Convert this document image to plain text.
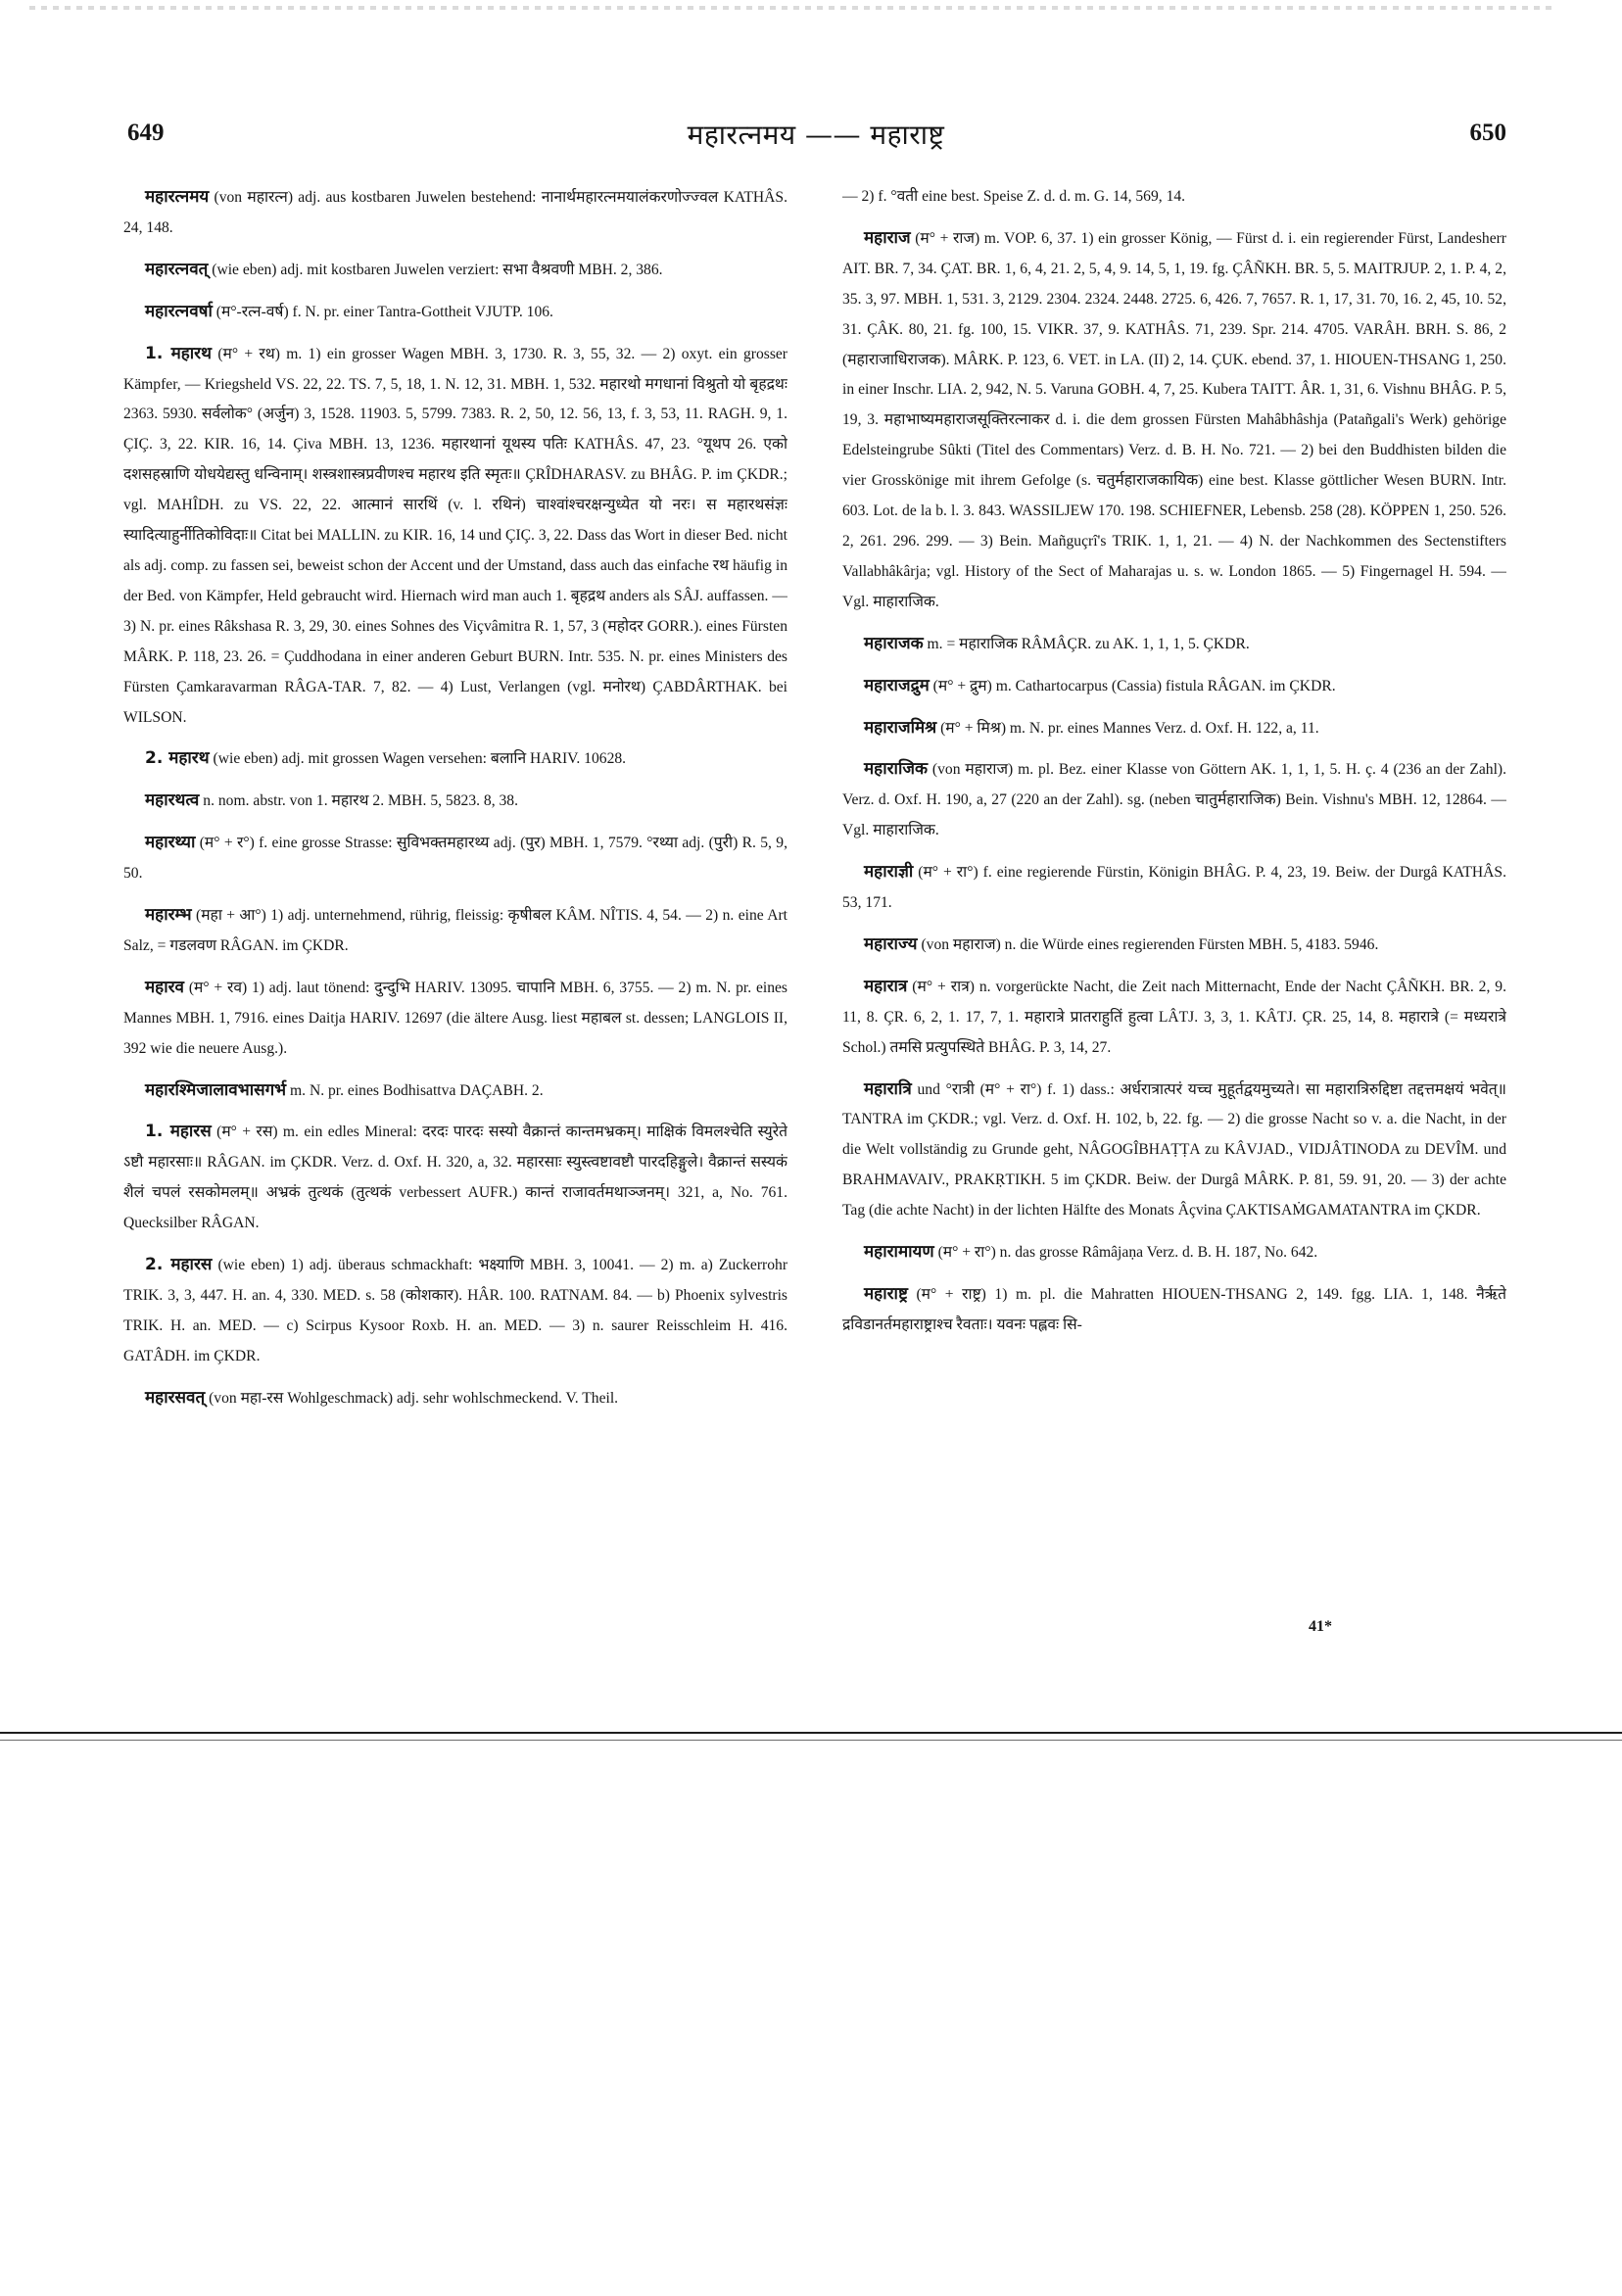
649	महारत्नमय —— महाराष्ट्र	650

महारत्नमय (von महारत्न) adj. aus kostbaren Juwelen bestehend: नानार्थमहारत्नमयालंकरणोज्ज्वल KATHÂS. 24, 148.

महारत्नवत् (wie eben) adj. mit kostbaren Juwelen verziert: सभा वैश्रवणी MBH. 2, 386.

महारत्नवर्षा (म°-रत्न-वर्ष) f. N. pr. einer Tantra-Gottheit VJUTP. 106.

1. महारथ (म° + रथ) m. 1) ein grosser Wagen MBH. 3, 1730. R. 3, 55, 32. — 2) oxyt. ein grosser Kämpfer, — Kriegsheld VS. 22, 22. TS. 7, 5, 18, 1. N. 12, 31. MBH. 1, 532. महारथो मगधानां विश्रुतो यो बृहद्रथः 2363. 5930. सर्वलोक° (अर्जुन) 3, 1528. 11903. 5, 5799. 7383. R. 2, 50, 12. 56, 13, f. 3, 53, 11. RAGH. 9, 1. ÇIÇ. 3, 22. KIR. 16, 14. Çiva MBH. 13, 1236. महारथानां यूथस्य पतिः KATHÂS. 47, 23. °यूथप 26. एको दशसहस्राणि योधयेद्यस्तु धन्विनाम्। शस्त्रशास्त्रप्रवीणश्च महारथ इति स्मृतः॥ ÇRÎDHARASV. zu BHÂG. P. im ÇKDR.; vgl. MAHÎDH. zu VS. 22, 22. आत्मानं सारथिं (v. l. रथिनं) चाश्वांश्चरक्षन्युध्येत यो नरः। स महारथसंज्ञः स्यादित्याहुर्नीतिकोविदाः॥ Citat bei MALLIN. zu KIR. 16, 14 und ÇIÇ. 3, 22. Dass das Wort in dieser Bed. nicht als adj. comp. zu fassen sei, beweist schon der Accent und der Umstand, dass auch das einfache रथ häufig in der Bed. von Kämpfer, Held gebraucht wird. Hiernach wird man auch 1. बृहद्रथ anders als SÂJ. auffassen. — 3) N. pr. eines Râkshasa R. 3, 29, 30. eines Sohnes des Viçvâmitra R. 1, 57, 3 (महोदर GORR.). eines Fürsten MÂRK. P. 118, 23. 26. = Çuddhodana in einer anderen Geburt BURN. Intr. 535. N. pr. eines Ministers des Fürsten Çamkaravarman RÂGA-TAR. 7, 82. — 4) Lust, Verlangen (vgl. मनोरथ) ÇABDÂRTHAK. bei WILSON.

2. महारथ (wie eben) adj. mit grossen Wagen versehen: बलानि HARIV. 10628.

महारथत्व n. nom. abstr. von 1. महारथ 2. MBH. 5, 5823. 8, 38.

महारथ्या (म° + र°) f. eine grosse Strasse: सुविभक्तमहारथ्य adj. (पुर) MBH. 1, 7579. °रथ्या adj. (पुरी) R. 5, 9, 50.

महारम्भ (महा + आ°) 1) adj. unternehmend, rührig, fleissig: कृषीबल KÂM. NÎTIS. 4, 54. — 2) n. eine Art Salz, = गडलवण RÂGAN. im ÇKDR.

महारव (म° + रव) 1) adj. laut tönend: दुन्दुभि HARIV. 13095. चापानि MBH. 6, 3755. — 2) m. N. pr. eines Mannes MBH. 1, 7916. eines Daitja HARIV. 12697 (die ältere Ausg. liest महाबल st. dessen; LANGLOIS II, 392 wie die neuere Ausg.).

महारश्मिजालावभासगर्भ m. N. pr. eines Bodhisattva DAÇABH. 2.

1. महारस (म° + रस) m. ein edles Mineral: दरदः पारदः सस्यो वैक्रान्तं कान्तमभ्रकम्। माक्षिकं विमलश्चेति स्युरेते ऽष्टौ महारसाः॥ RÂGAN. im ÇKDR. Verz. d. Oxf. H. 320, a, 32. महारसाः स्युस्त्वष्टावष्टौ पारदहिङ्गुले। वैक्रान्तं सस्यकं शैलं चपलं रसकोमलम्॥ अभ्रकं तुत्थकं (तुत्थकं verbessert AUFR.) कान्तं राजावर्तमथाञ्जनम्। 321, a, No. 761. Quecksilber RÂGAN.

2. महारस (wie eben) 1) adj. überaus schmackhaft: भक्ष्याणि MBH. 3, 10041. — 2) m. a) Zuckerrohr TRIK. 3, 3, 447. H. an. 4, 330. MED. s. 58 (कोशकार). HÂR. 100. RATNAM. 84. — b) Phoenix sylvestris TRIK. H. an. MED. — c) Scirpus Kysoor Roxb. H. an. MED. — 3) n. saurer Reisschleim H. 416. GATÂDH. im ÇKDR.

महारसवत् (von महा-रस Wohlgeschmack) adj. sehr wohlschmeckend. V. Theil.

— 2) f. °वती eine best. Speise Z. d. d. m. G. 14, 569, 14.

महाराज (म° + राज) m. VOP. 6, 37. 1) ein grosser König, — Fürst d. i. ein regierender Fürst, Landesherr AIT. BR. 7, 34. ÇAT. BR. 1, 6, 4, 21. 2, 5, 4, 9. 14, 5, 1, 19. fg. ÇÂÑKH. BR. 5, 5. MAITRJUP. 2, 1. P. 4, 2, 35. 3, 97. MBH. 1, 531. 3, 2129. 2304. 2324. 2448. 2725. 6, 426. 7, 7657. R. 1, 17, 31. 70, 16. 2, 45, 10. 52, 31. ÇÂK. 80, 21. fg. 100, 15. VIKR. 37, 9. KATHÂS. 71, 239. Spr. 214. 4705. VARÂH. BRH. S. 86, 2 (महाराजाधिराजक). MÂRK. P. 123, 6. VET. in LA. (II) 2, 14. ÇUK. ebend. 37, 1. HIOUEN-THSANG 1, 250. in einer Inschr. LIA. 2, 942, N. 5. Varuna GOBH. 4, 7, 25. Kubera TAITT. ÂR. 1, 31, 6. Vishnu BHÂG. P. 5, 19, 3. महाभाष्यमहाराजसूक्तिरत्नाकर d. i. die dem grossen Fürsten Mahâbhâshja (Patañgali's Werk) gehörige Edelsteingrube Sûkti (Titel des Commentars) Verz. d. B. H. No. 721. — 2) bei den Buddhisten bilden die vier Grosskönige mit ihrem Gefolge (s. चतुर्महाराजकायिक) eine best. Klasse göttlicher Wesen BURN. Intr. 603. Lot. de la b. l. 3. 843. WASSILJEW 170. 198. SCHIEFNER, Lebensb. 258 (28). KÖPPEN 1, 250. 526. 2, 261. 296. 299. — 3) Bein. Mañguçrî's TRIK. 1, 1, 21. — 4) N. der Nachkommen des Sectenstifters Vallabhâkârja; vgl. History of the Sect of Maharajas u. s. w. London 1865. — 5) Fingernagel H. 594. — Vgl. माहाराजिक.

महाराजक m. = महाराजिक RÂMÂÇR. zu AK. 1, 1, 1, 5. ÇKDR.

महाराजद्रुम (म° + द्रुम) m. Cathartocarpus (Cassia) fistula RÂGAN. im ÇKDR.

महाराजमिश्र (म° + मिश्र) m. N. pr. eines Mannes Verz. d. Oxf. H. 122, a, 11.

महाराजिक (von महाराज) m. pl. Bez. einer Klasse von Göttern AK. 1, 1, 1, 5. H. ç. 4 (236 an der Zahl). Verz. d. Oxf. H. 190, a, 27 (220 an der Zahl). sg. (neben चातुर्महाराजिक) Bein. Vishnu's MBH. 12, 12864. — Vgl. माहाराजिक.

महाराज्ञी (म° + रा°) f. eine regierende Fürstin, Königin BHÂG. P. 4, 23, 19. Beiw. der Durgâ KATHÂS. 53, 171.

महाराज्य (von महाराज) n. die Würde eines regierenden Fürsten MBH. 5, 4183. 5946.

महारात्र (म° + रात्र) n. vorgerückte Nacht, die Zeit nach Mitternacht, Ende der Nacht ÇÂÑKH. BR. 2, 9. 11, 8. ÇR. 6, 2, 1. 17, 7, 1. महारात्रे प्रातराहुतिं हुत्वा LÂTJ. 3, 3, 1. KÂTJ. ÇR. 25, 14, 8. महारात्रे (= मध्यरात्रे Schol.) तमसि प्रत्युपस्थिते BHÂG. P. 3, 14, 27.

महारात्रि und °रात्री (म° + रा°) f. 1) dass.: अर्धरात्रात्परं यच्च मुहूर्तद्वयमुच्यते। सा महारात्रिरुद्दिष्टा तद्दत्तमक्षयं भवेत्॥ TANTRA im ÇKDR.; vgl. Verz. d. Oxf. H. 102, b, 22. fg. — 2) die grosse Nacht so v. a. die Nacht, in der die Welt vollständig zu Grunde geht, NÂGOGÎBHAṬṬA zu KÂVJAD., VIDJÂTINODA zu DEVÎM. und BRAHMAVAIV., PRAKṚTIKH. 5 im ÇKDR. Beiw. der Durgâ MÂRK. P. 81, 59. 91, 20. — 3) der achte Tag (die achte Nacht) in der lichten Hälfte des Monats Âçvina ÇAKTISAṀGAMATANTRA im ÇKDR.

महारामायण (म° + रा°) n. das grosse Râmâjaṇa Verz. d. B. H. 187, No. 642.

महाराष्ट्र (म° + राष्ट्र) 1) m. pl. die Mahratten HIOUEN-THSANG 2, 149. fgg. LIA. 1, 148. नैर्ऋते द्रविडानर्तमहाराष्ट्राश्च रैवताः। यवनः पह्लवः सि-

41*
